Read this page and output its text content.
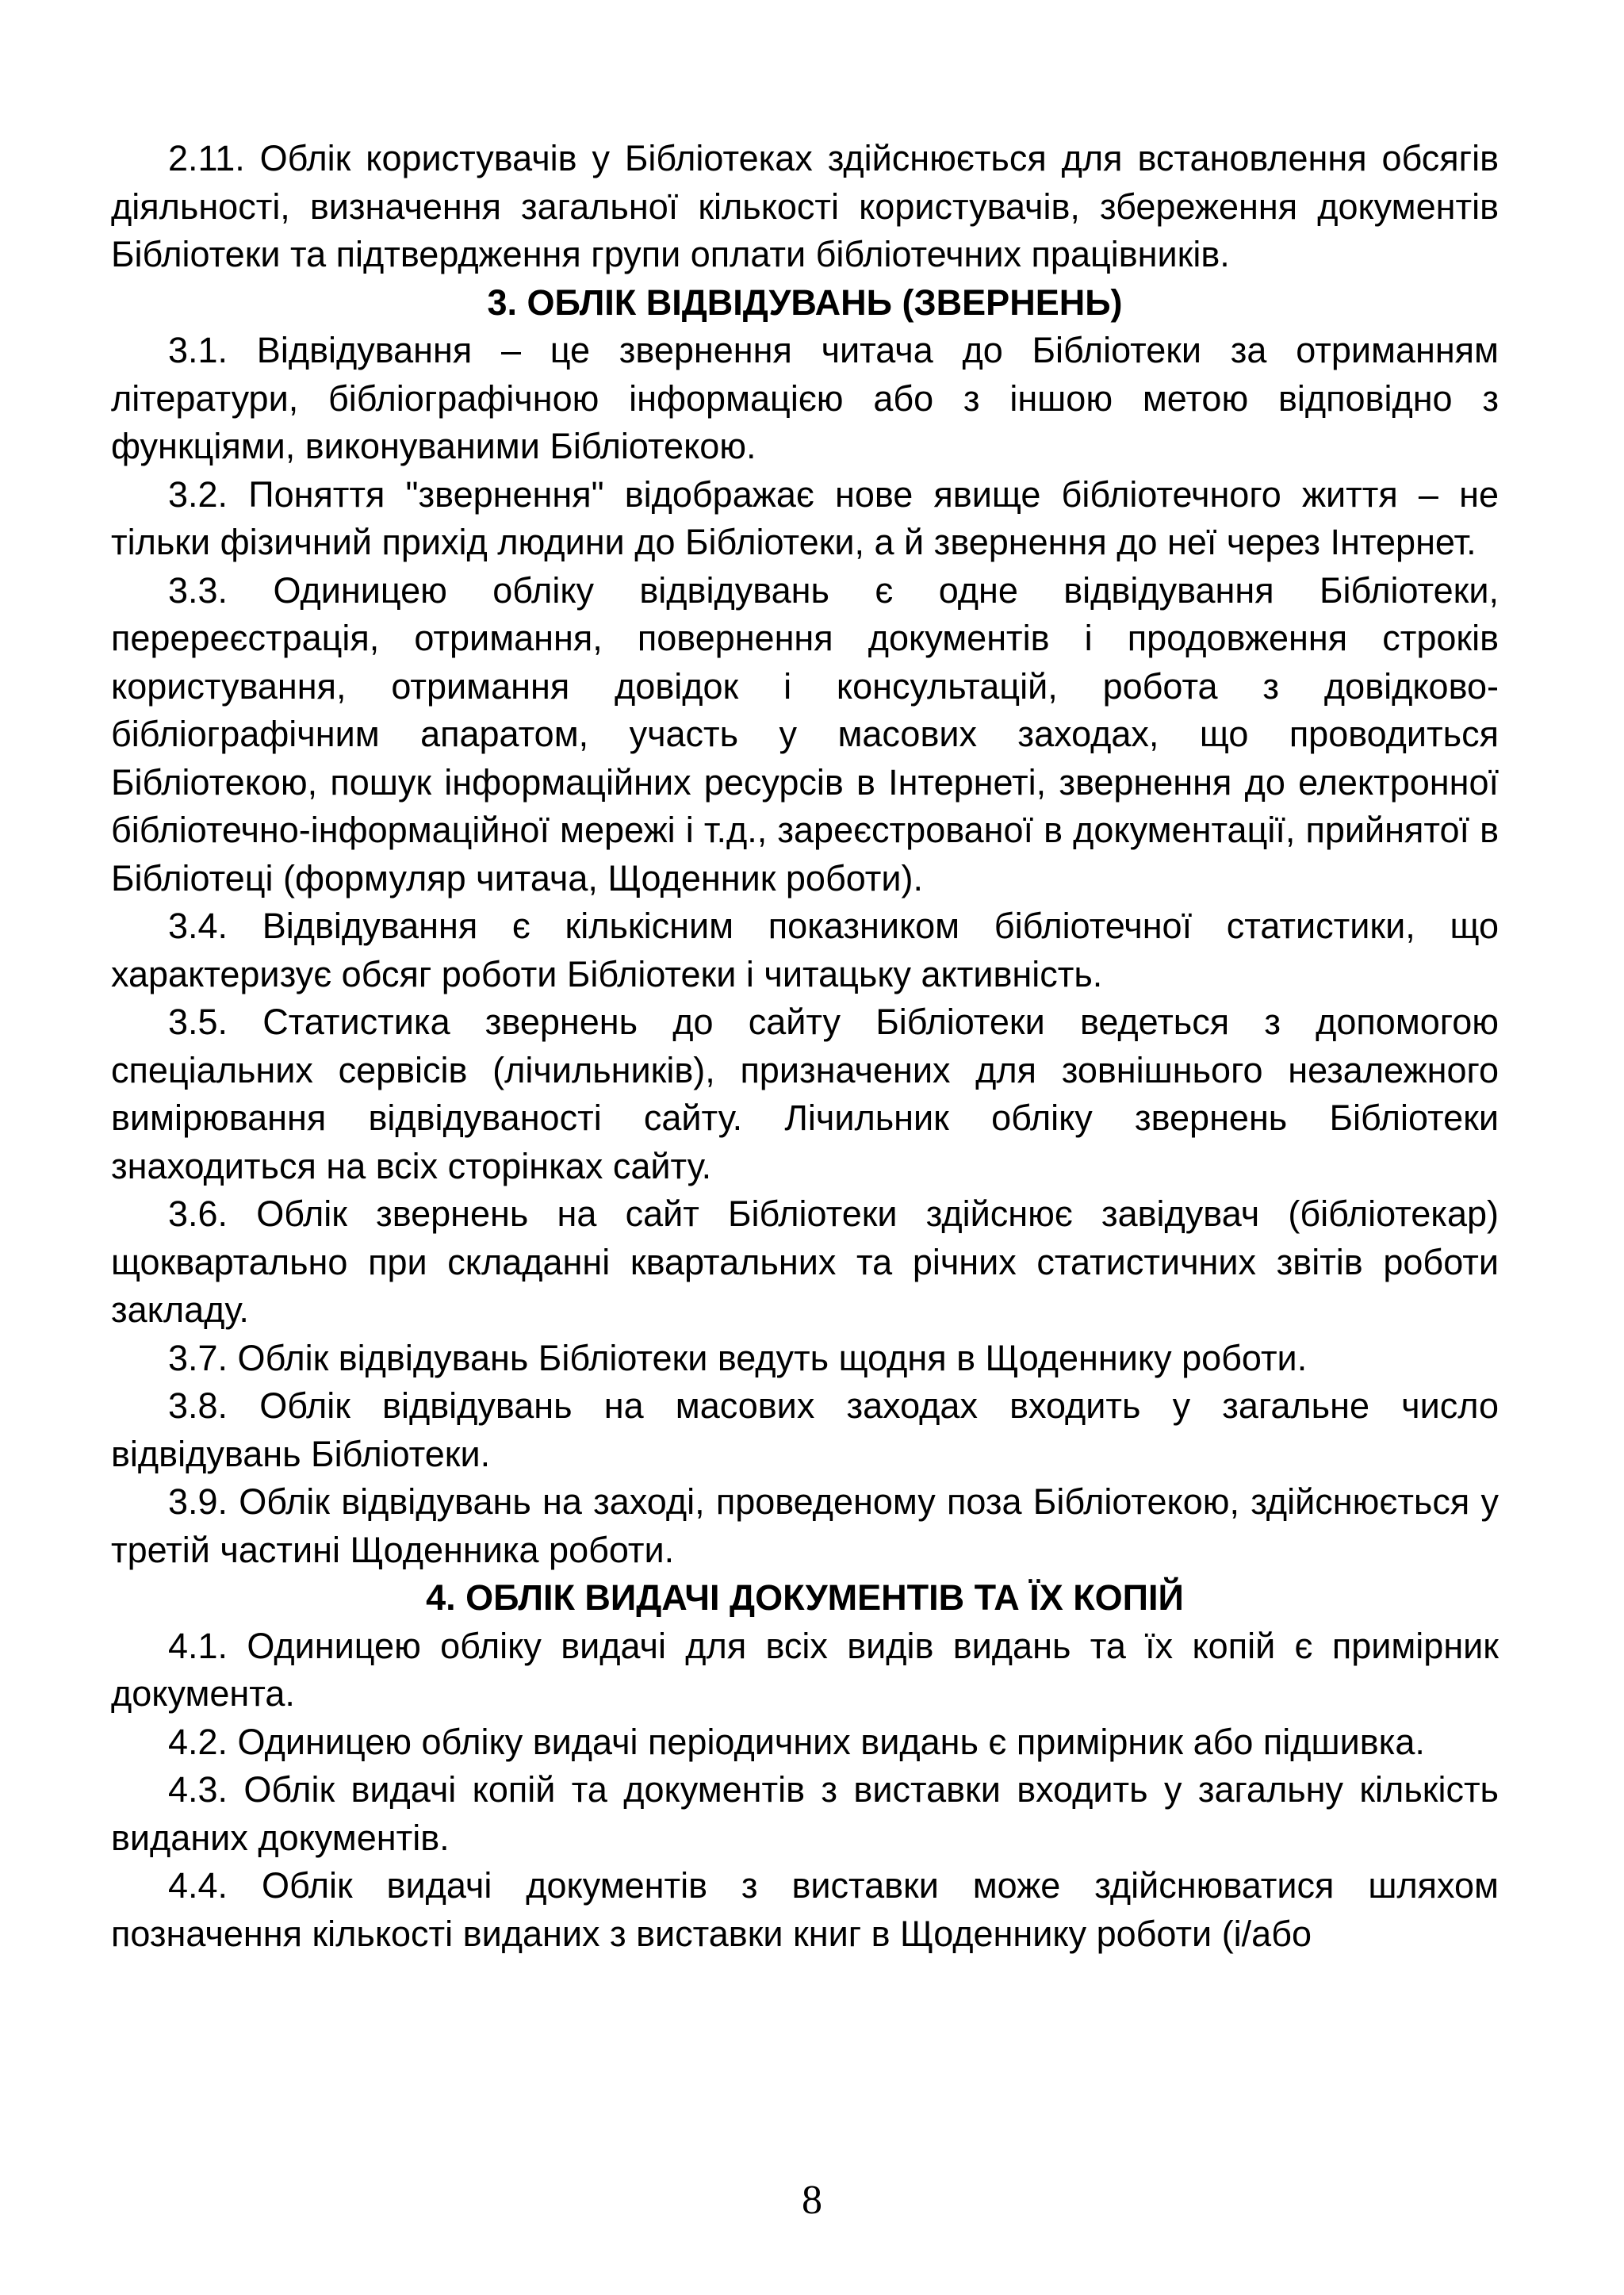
2.11. Облік користувачів у Бібліотеках здійснюється для встановлення обсягів діяльності, визначення загальної кількості користувачів, збереження документів Бібліотеки та підтвердження групи оплати бібліотечних працівників.

3. ОБЛІК ВІДВІДУВАНЬ (ЗВЕРНЕНЬ)

3.1. Відвідування – це звернення читача до Бібліотеки за отриманням літератури, бібліографічною інформацією або з іншою метою відповідно з функціями, виконуваними Бібліотекою.

3.2. Поняття "звернення" відображає нове явище бібліотечного життя – не тільки фізичний прихід людини до Бібліотеки, а й звернення до неї через Інтернет.

3.3. Одиницею обліку відвідувань є одне відвідування Бібліотеки, перереєстрація, отримання, повернення документів і продовження строків користування, отримання довідок і консультацій, робота з довідково-бібліографічним апаратом, участь у масових заходах, що проводиться Бібліотекою, пошук інформаційних ресурсів в Інтернеті, звернення до електронної бібліотечно-інформаційної мережі і т.д., зареєстрованої в документації, прийнятої в Бібліотеці (формуляр читача, Щоденник роботи).

3.4. Відвідування є кількісним показником бібліотечної статистики, що характеризує обсяг роботи Бібліотеки і читацьку активність.

3.5. Статистика звернень до сайту Бібліотеки ведеться з допомогою спеціальних сервісів (лічильників), призначених для зовнішнього незалежного вимірювання відвідуваності сайту. Лічильник обліку звернень Бібліотеки знаходиться на всіх сторінках сайту.

3.6. Облік звернень на сайт Бібліотеки здійснює завідувач (бібліотекар) щоквартально при складанні квартальних та річних статистичних звітів роботи закладу.

3.7. Облік відвідувань Бібліотеки ведуть щодня в Щоденнику роботи.

3.8. Облік відвідувань на масових заходах входить у загальне число відвідувань Бібліотеки.

3.9. Облік відвідувань на заході, проведеному поза Бібліотекою, здійснюється у третій частині Щоденника роботи.

4. ОБЛІК ВИДАЧІ ДОКУМЕНТІВ ТА ЇХ КОПІЙ

4.1. Одиницею обліку видачі для всіх видів видань та їх копій є примірник документа.

4.2. Одиницею обліку видачі періодичних видань є примірник або підшивка.

4.3. Облік видачі копій та документів з виставки входить у загальну кількість виданих документів.

4.4. Облік видачі документів з виставки може здійснюватися шляхом позначення кількості виданих з виставки книг в Щоденнику роботи (і/або

8
